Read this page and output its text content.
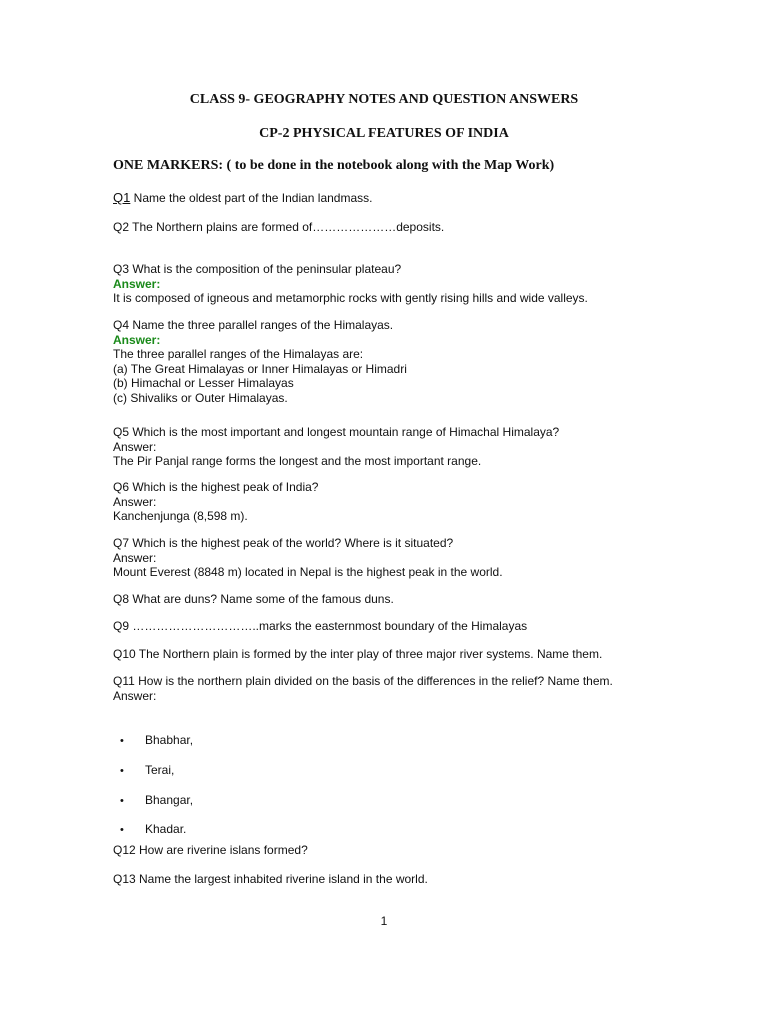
CLASS 9- GEOGRAPHY NOTES AND QUESTION ANSWERS
CP-2 PHYSICAL FEATURES OF INDIA
ONE MARKERS: ( to be done in the notebook along with the Map Work)
Q1 Name the oldest part of the Indian landmass.
Q2 The Northern plains are formed of…………………deposits.
Q3 What is the composition of the peninsular plateau?
Answer:
It is composed of igneous and metamorphic rocks with gently rising hills and wide valleys.
Q4 Name the three parallel ranges of the Himalayas.
Answer:
The three parallel ranges of the Himalayas are:
(a) The Great Himalayas or Inner Himalayas or Himadri
(b) Himachal or Lesser Himalayas
(c) Shivaliks or Outer Himalayas.
Q5 Which is the most important and longest mountain range of Himachal Himalaya?
Answer:
The Pir Panjal range forms the longest and the most important range.
Q6 Which is the highest peak of India?
Answer:
Kanchenjunga (8,598 m).
Q7 Which is the highest peak of the world? Where is it situated?
Answer:
Mount Everest (8848 m) located in Nepal is the highest peak in the world.
Q8 What are duns? Name some of the famous duns.
Q9 …………………………..marks the easternmost boundary of the Himalayas
Q10 The Northern plain is formed by the inter play of three major river systems. Name them.
Q11 How is the northern plain divided on the basis of the differences in the relief? Name them.
Answer:
• Bhabhar,
• Terai,
• Bhangar,
• Khadar.
Q12 How are riverine islans formed?
Q13 Name the largest inhabited riverine island in the world.
1
